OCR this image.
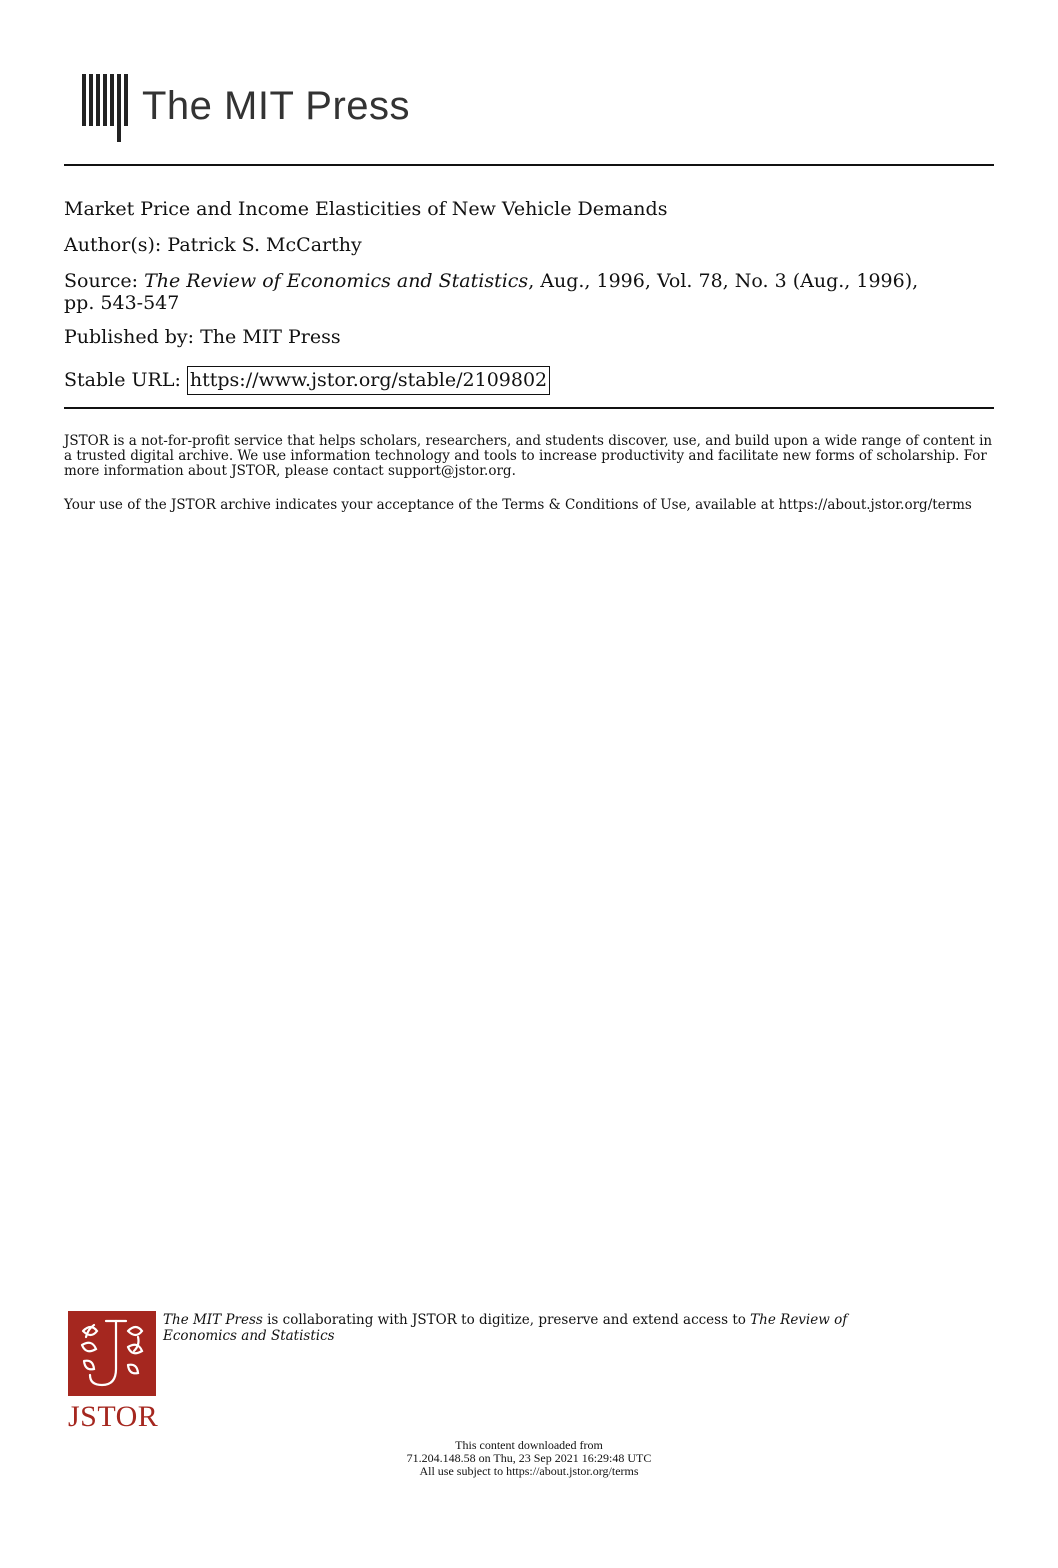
The MIT Press
Market Price and Income Elasticities of New Vehicle Demands
Author(s): Patrick S. McCarthy
Source: The Review of Economics and Statistics, Aug., 1996, Vol. 78, No. 3 (Aug., 1996),
pp. 543-547
Published by: The MIT Press
Stable URL: https://www.jstor.org/stable/2109802
JSTOR is a not-for-profit service that helps scholars, researchers, and students discover, use, and build upon a wide range of content in a trusted digital archive. We use information technology and tools to increase productivity and facilitate new forms of scholarship. For more information about JSTOR, please contact support@jstor.org.
Your use of the JSTOR archive indicates your acceptance of the Terms & Conditions of Use, available at https://about.jstor.org/terms
JSTOR
The MIT Press is collaborating with JSTOR to digitize, preserve and extend access to The Review of Economics and Statistics
This content downloaded from
71.204.148.58 on Thu, 23 Sep 2021 16:29:48 UTC
All use subject to https://about.jstor.org/terms
